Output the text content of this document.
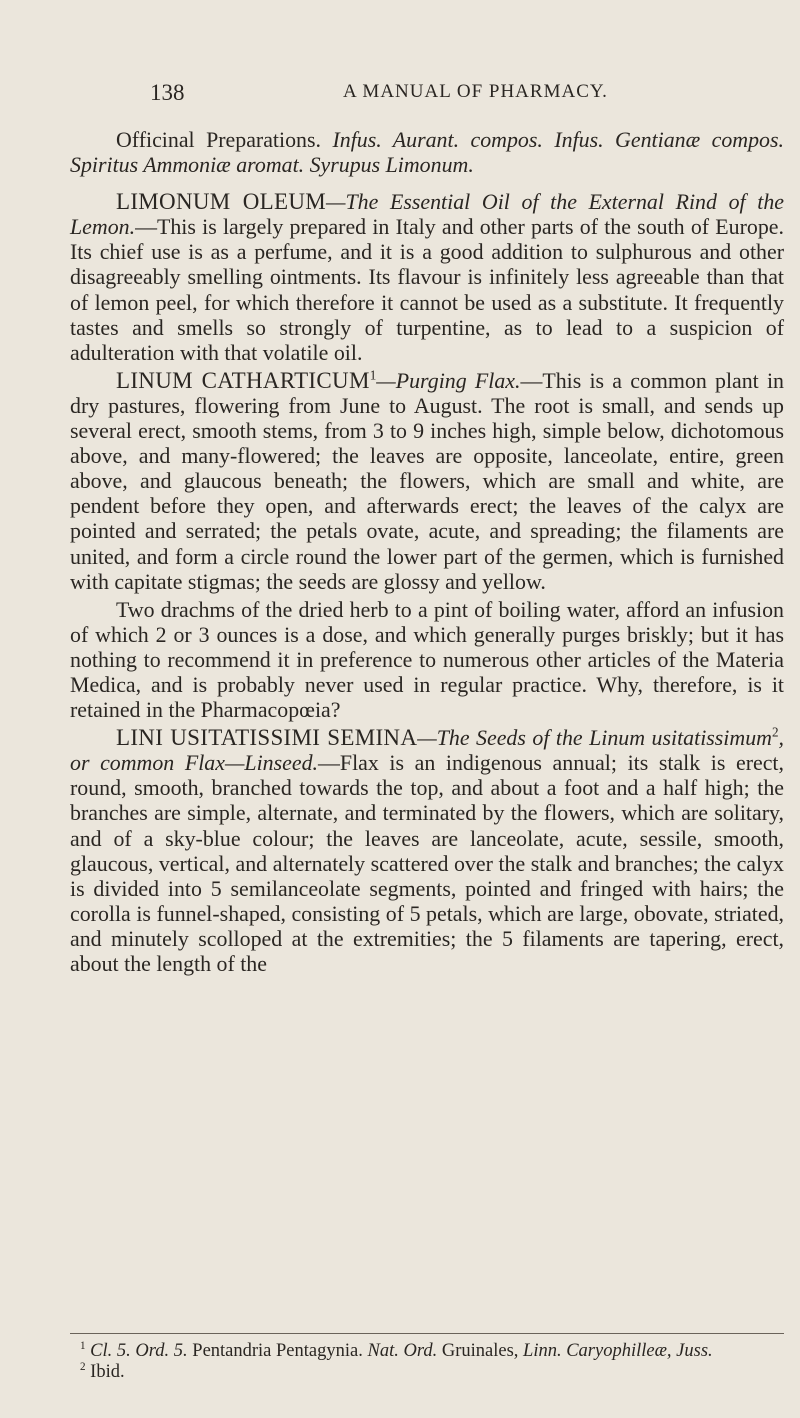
138	A MANUAL OF PHARMACY.

Officinal Preparations. Infus. Aurant. compos. Infus. Gentianæ compos. Spiritus Ammoniæ aromat. Syrupus Limonum.

LIMONUM OLEUM—The Essential Oil of the External Rind of the Lemon.—This is largely prepared in Italy and other parts of the south of Europe. Its chief use is as a perfume, and it is a good addition to sulphurous and other disagreeably smelling ointments. Its flavour is infinitely less agreeable than that of lemon peel, for which therefore it cannot be used as a substitute. It frequently tastes and smells so strongly of turpentine, as to lead to a suspicion of adulteration with that volatile oil.

LINUM CATHARTICUM$^1$—Purging Flax.—This is a common plant in dry pastures, flowering from June to August. The root is small, and sends up several erect, smooth stems, from 3 to 9 inches high, simple below, dichotomous above, and many-flowered; the leaves are opposite, lanceolate, entire, green above, and glaucous beneath; the flowers, which are small and white, are pendent before they open, and afterwards erect; the leaves of the calyx are pointed and serrated; the petals ovate, acute, and spreading; the filaments are united, and form a circle round the lower part of the germen, which is furnished with capitate stigmas; the seeds are glossy and yellow.

Two drachms of the dried herb to a pint of boiling water, afford an infusion of which 2 or 3 ounces is a dose, and which generally purges briskly; but it has nothing to recommend it in preference to numerous other articles of the Materia Medica, and is probably never used in regular practice. Why, therefore, is it retained in the Pharmacopœia?

LINI USITATISSIMI SEMINA—The Seeds of the Linum usitatissimum$^2$, or common Flax—Linseed.—Flax is an indigenous annual; its stalk is erect, round, smooth, branched towards the top, and about a foot and a half high; the branches are simple, alternate, and terminated by the flowers, which are solitary, and of a sky-blue colour; the leaves are lanceolate, acute, sessile, smooth, glaucous, vertical, and alternately scattered over the stalk and branches; the calyx is divided into 5 semilanceolate segments, pointed and fringed with hairs; the corolla is funnel-shaped, consisting of 5 petals, which are large, obovate, striated, and minutely scolloped at the extremities; the 5 filaments are tapering, erect, about the length of the

$^1$ Cl. 5. Ord. 5. Pentandria Pentagynia. Nat. Ord. Gruinales, Linn. Caryophilleæ, Juss.
$^2$ Ibid.
